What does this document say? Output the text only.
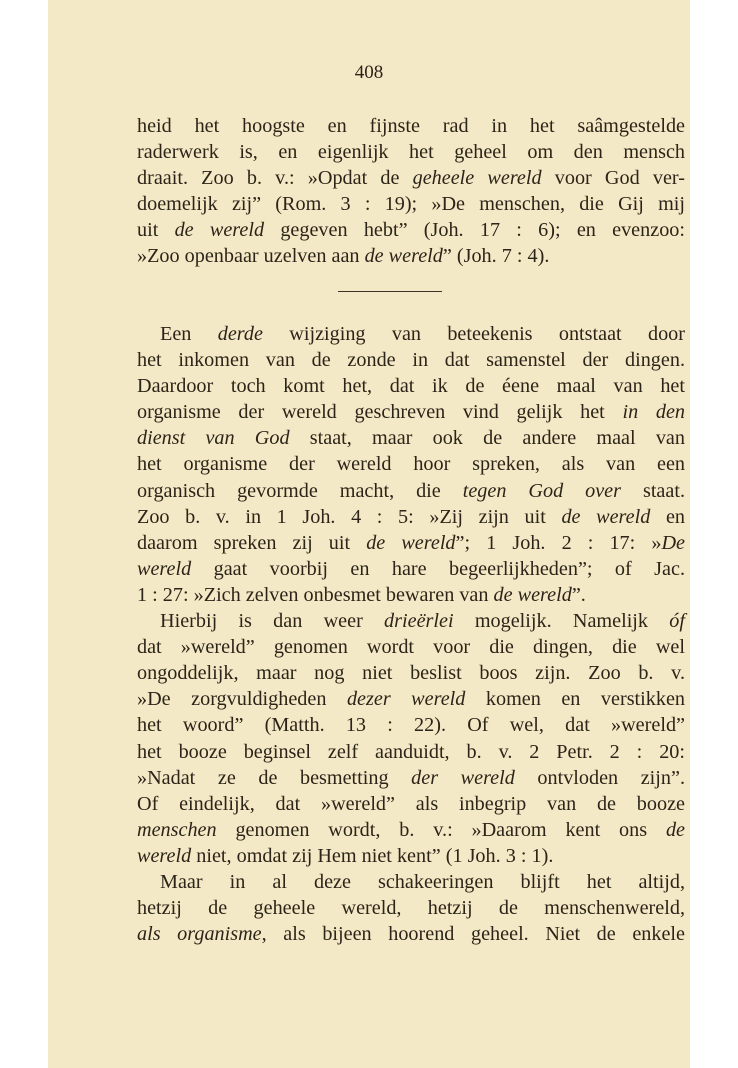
408
heid het hoogste en fijnste rad in het saâmgestelde
raderwerk is, en eigenlijk het geheel om den mensch
draait. Zoo b. v.: »Opdat de geheele wereld voor God ver-
doemelijk zij” (Rom. 3 : 19); »De menschen, die Gij mij
uit de wereld gegeven hebt” (Joh. 17 : 6); en evenzoo:
»Zoo openbaar uzelven aan de wereld” (Joh. 7 : 4).
Een derde wijziging van beteekenis ontstaat door
het inkomen van de zonde in dat samenstel der dingen.
Daardoor toch komt het, dat ik de éene maal van het
organisme der wereld geschreven vind gelijk het in den
dienst van God staat, maar ook de andere maal van
het organisme der wereld hoor spreken, als van een
organisch gevormde macht, die tegen God over staat.
Zoo b. v. in 1 Joh. 4 : 5: »Zij zijn uit de wereld en
daarom spreken zij uit de wereld”; 1 Joh. 2 : 17: »De
wereld gaat voorbij en hare begeerlijkheden”; of Jac.
1 : 27: »Zich zelven onbesmet bewaren van de wereld”.
Hierbij is dan weer drieërlei mogelijk. Namelijk óf
dat »wereld” genomen wordt voor die dingen, die wel
ongoddelijk, maar nog niet beslist boos zijn. Zoo b. v.
»De zorgvuldigheden dezer wereld komen en verstikken
het woord” (Matth. 13 : 22). Of wel, dat »wereld”
het booze beginsel zelf aanduidt, b. v. 2 Petr. 2 : 20:
»Nadat ze de besmetting der wereld ontvloden zijn”.
Of eindelijk, dat »wereld” als inbegrip van de booze
menschen genomen wordt, b. v.: »Daarom kent ons de
wereld niet, omdat zij Hem niet kent” (1 Joh. 3 : 1).
Maar in al deze schakeeringen blijft het altijd,
hetzij de geheele wereld, hetzij de menschenwereld,
als organisme, als bijeen hoorend geheel. Niet de enkele
